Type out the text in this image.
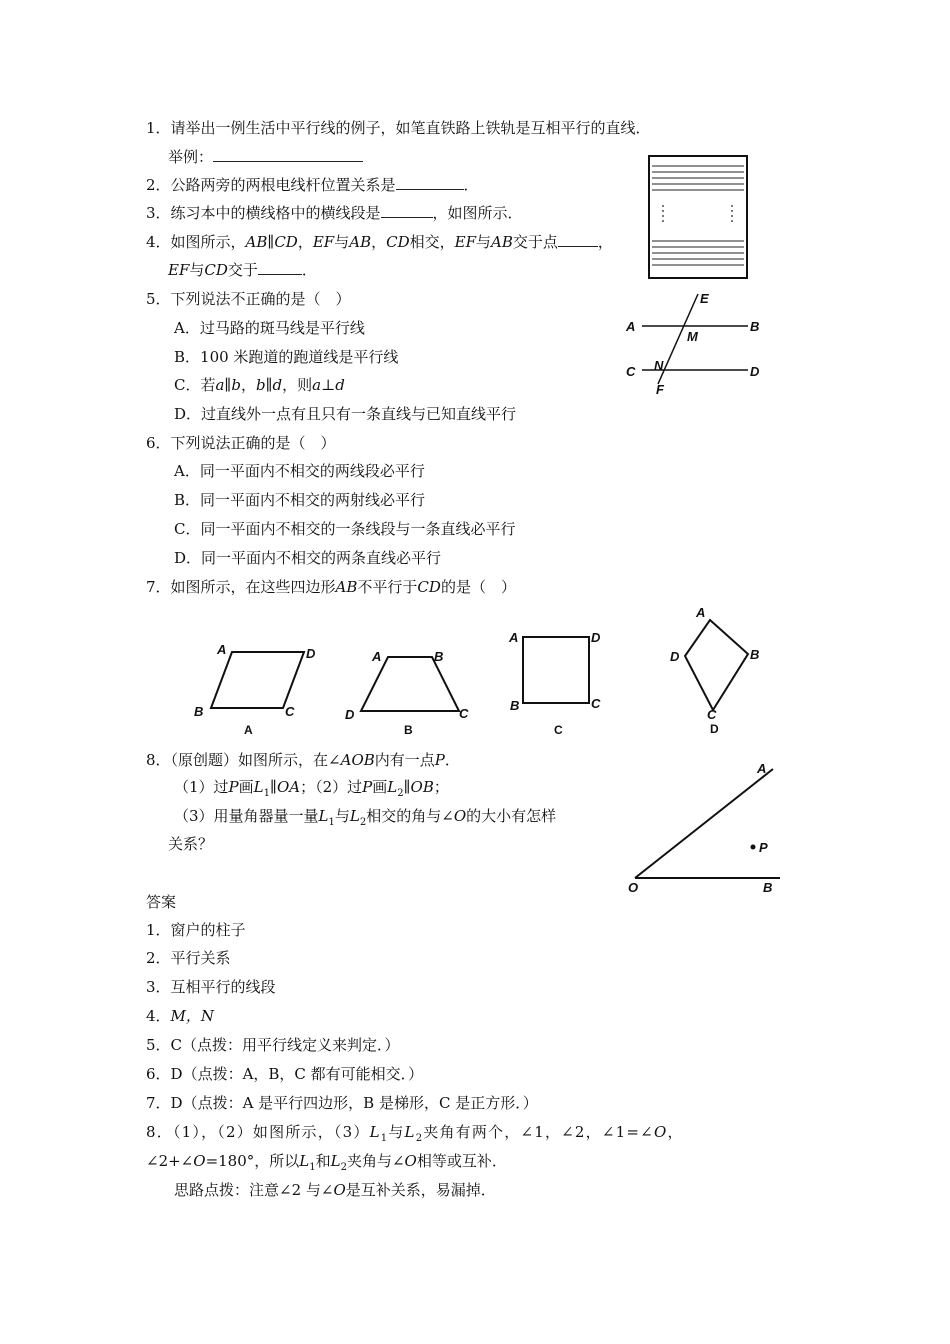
1．请举出一例生活中平行线的例子，如笔直铁路上铁轨是互相平行的直线．
举例：
2．公路两旁的两根电线杆位置关系是	．
3．练习本中的横线格中的横线段是	，如图所示．
4．如图所示，AB∥CD，EF与AB，CD相交，EF与AB交于点	，
EF与CD交于	．
5．下列说法不正确的是（　）
A．过马路的斑马线是平行线
B．100 米跑道的跑道线是平行线
C．若a∥b，b∥d，则a⊥d
D．过直线外一点有且只有一条直线与已知直线平行
6．下列说法正确的是（　）
A．同一平面内不相交的两线段必平行
B．同一平面内不相交的两射线必平行
C．同一平面内不相交的一条线段与一条直线必平行
D．同一平面内不相交的两条直线必平行
7．如图所示，在这些四边形AB不平行于CD的是（　）
8．（原创题）如图所示，在∠AOB内有一点P．
（1）过P画$L_1\parallel OA$；（2）过P画$L_2\parallel OB$；
（3）用量角器量一量$L_1$与$L_2$相交的角与∠O的大小有怎样
关系？
答案
1．窗户的柱子
2．平行关系
3．互相平行的线段
4．M，N
5．C（点拨：用平行线定义来判定．）
6．D（点拨：A，B，C 都有可能相交．）
7．D（点拨：A 是平行四边形，B 是梯形，C 是正方形．）
8．（1），（2）如图所示，$(3)L_1$与$L_2$夹角有两个，∠1，∠2，∠1=∠O，
∠2+∠O=180°，所以$L_1$和$L_2$夹角与∠O相等或互补．
思路点拨：注意∠2 与∠O是互补关系，易漏掉．
A	B
C	D
E
F
M
N
A	D
B	C
A
A	B
D	C
B
A	D
B	C
C
A
D	B
C
D
A
O	B
P
